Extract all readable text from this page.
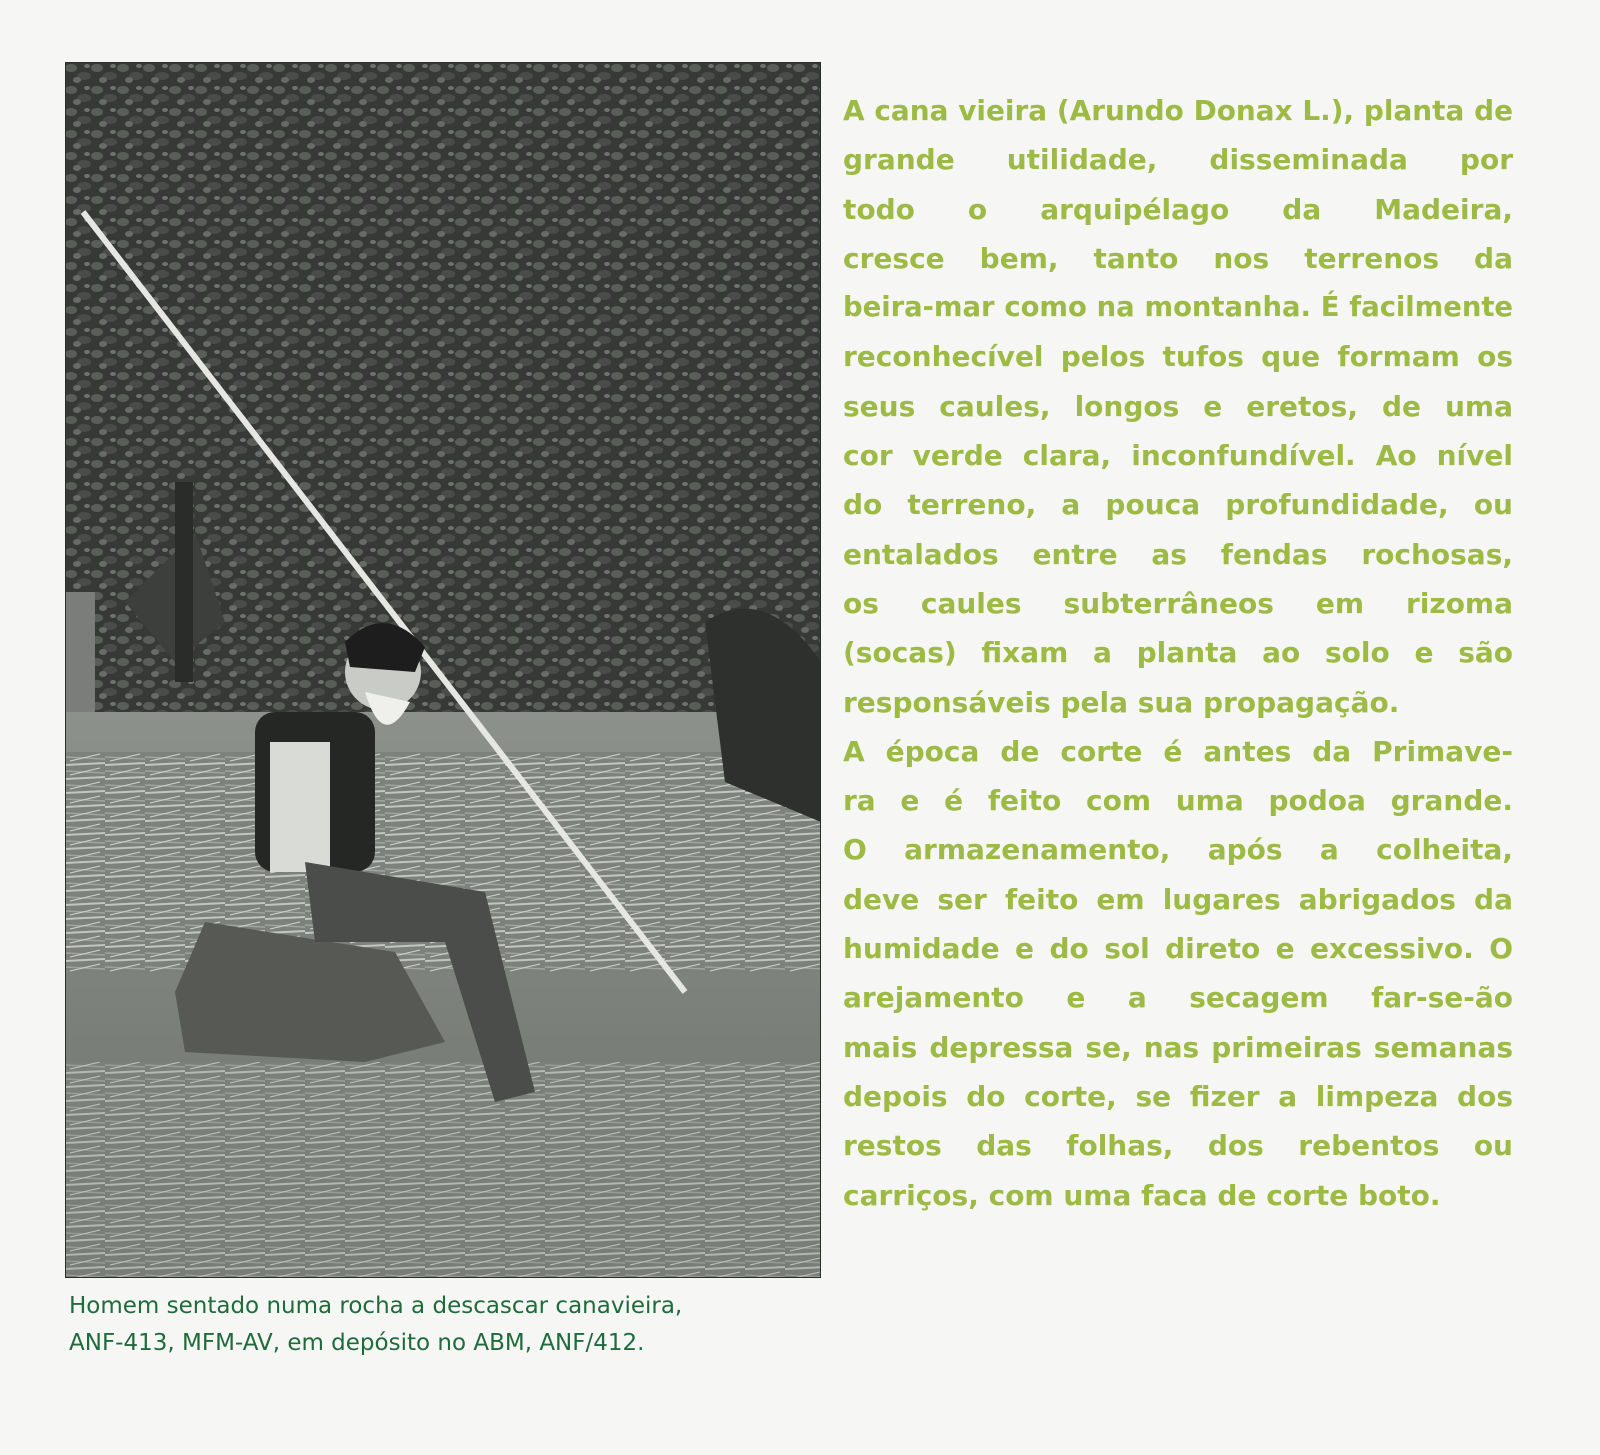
Homem sentado numa rocha a descascar canavieira,
ANF-413, MFM-AV, em depósito no ABM, ANF/412.
A cana vieira (Arundo Donax L.), planta de
grande utilidade, disseminada por
todo o arquipélago da Madeira,
cresce bem, tanto nos terrenos da
beira-mar como na montanha. É facilmente
reconhecível pelos tufos que formam os
seus caules, longos e eretos, de uma
cor verde clara, inconfundível. Ao nível
do terreno, a pouca profundidade, ou
entalados entre as fendas rochosas,
os caules subterrâneos em rizoma
(socas) fixam a planta ao solo e são
responsáveis pela sua propagação.
A época de corte é antes da Primave-
ra e é feito com uma podoa grande.
O armazenamento, após a colheita,
deve ser feito em lugares abrigados da
humidade e do sol direto e excessivo. O
arejamento e a secagem far-se-ão
mais depressa se, nas primeiras semanas
depois do corte, se fizer a limpeza dos
restos das folhas, dos rebentos ou
carriços, com uma faca de corte boto.
